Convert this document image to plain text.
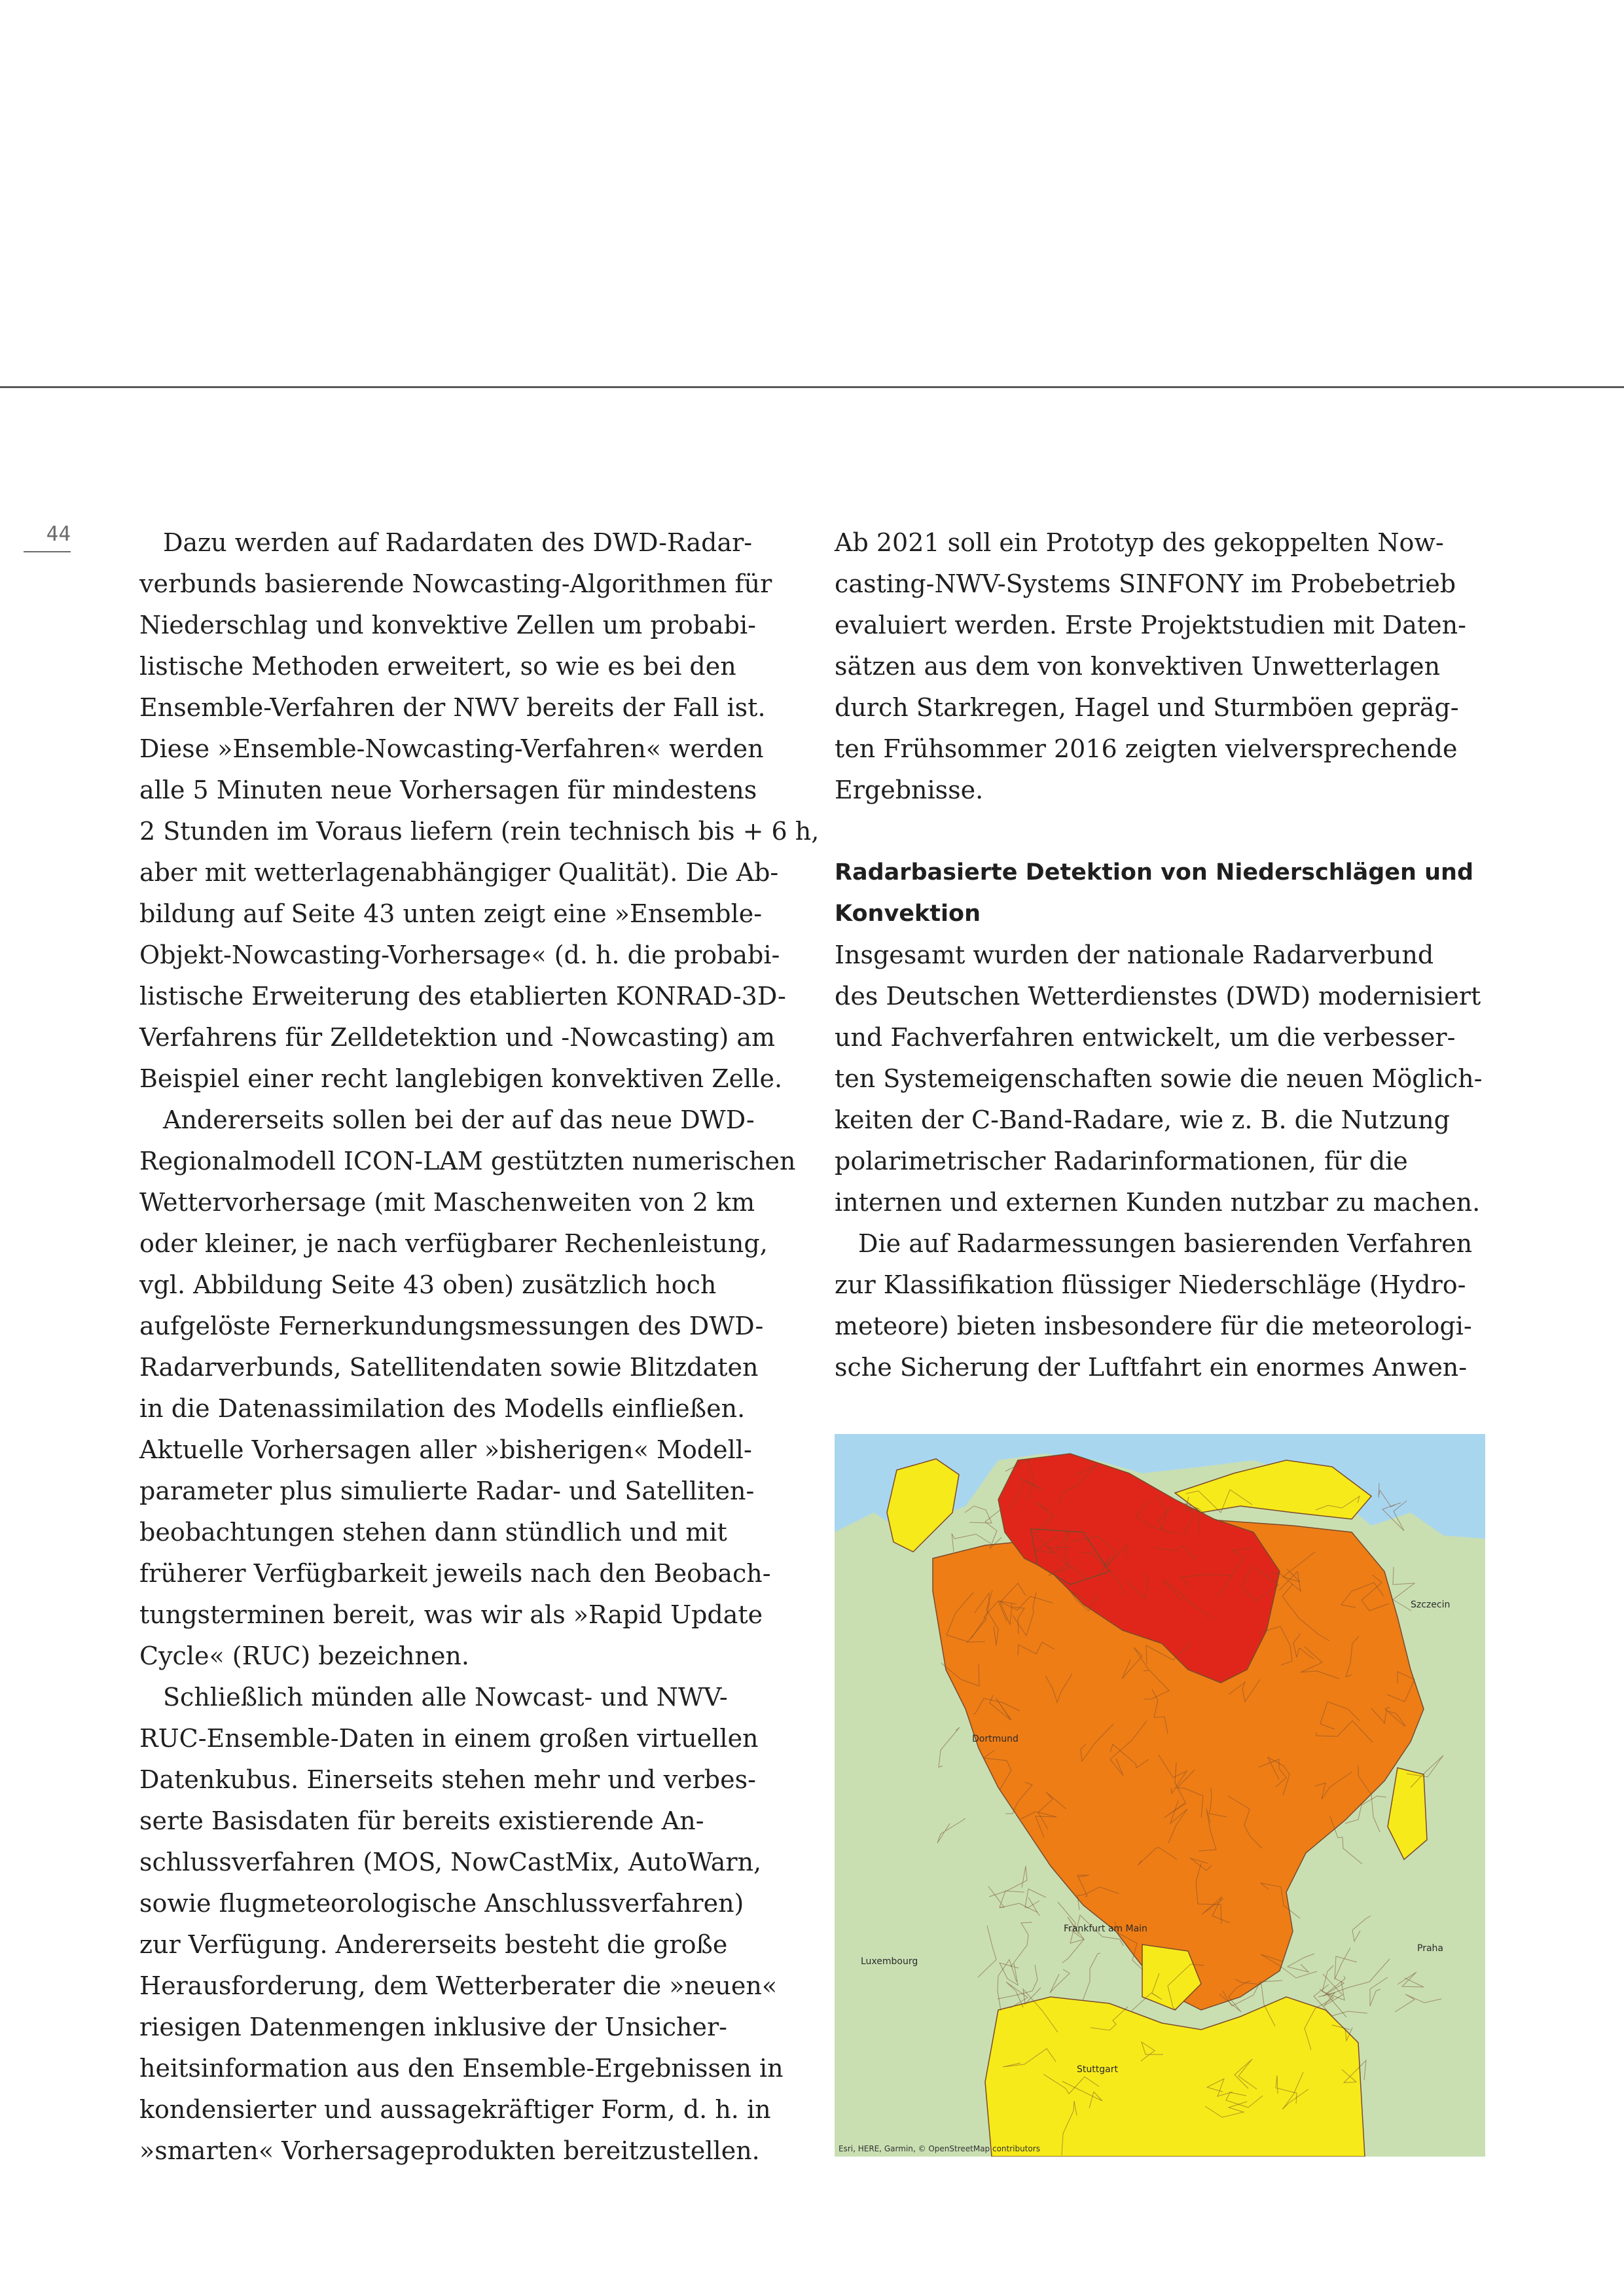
44	Dazu werden auf Radardaten des DWD-Radar-
verbunds basierende Nowcasting-Algorithmen für
Niederschlag und konvektive Zellen um probabi-
listische Methoden erweitert, so wie es bei den
Ensemble-Verfahren der NWV bereits der Fall ist.
Diese »Ensemble-Nowcasting-Verfahren« werden
alle 5 Minuten neue Vorhersagen für mindestens
2 Stunden im Voraus liefern (rein technisch bis + 6 h,
aber mit wetterlagenabhängiger Qualität). Die Ab-
bildung auf Seite 43 unten zeigt eine »Ensemble-
Objekt-Nowcasting-Vorhersage« (d. h. die probabi-
listische Erweiterung des etablierten KONRAD-3D-
Verfahrens für Zelldetektion und -Nowcasting) am
Beispiel einer recht langlebigen konvektiven Zelle.
Andererseits sollen bei der auf das neue DWD-
Regionalmodell ICON-LAM gestützten numerischen
Wettervorhersage (mit Maschenweiten von 2 km
oder kleiner, je nach verfügbarer Rechenleistung,
vgl. Abbildung Seite 43 oben) zusätzlich hoch
aufgelöste Fernerkundungsmessungen des DWD-
Radarverbunds, Satellitendaten sowie Blitzdaten
in die Datenassimilation des Modells einfließen.
Aktuelle Vorhersagen aller »bisherigen« Modell-
parameter plus simulierte Radar- und Satelliten-
beobachtungen stehen dann stündlich und mit
früherer Verfügbarkeit jeweils nach den Beobach-
tungsterminen bereit, was wir als »Rapid Update
Cycle« (RUC) bezeichnen.
Schließlich münden alle Nowcast- und NWV-
RUC-Ensemble-Daten in einem großen virtuellen
Datenkubus. Einerseits stehen mehr und verbes-
serte Basisdaten für bereits existierende An-
schlussverfahren (MOS, NowCastMix, AutoWarn,
sowie flugmeteorologische Anschlussverfahren)
zur Verfügung. Andererseits besteht die große
Herausforderung, dem Wetterberater die »neuen«
riesigen Datenmengen inklusive der Unsicher-
heitsinformation aus den Ensemble-Ergebnissen in
kondensierter und aussagekräftiger Form, d. h. in
»smarten« Vorhersageprodukten bereitzustellen.
Ab 2021 soll ein Prototyp des gekoppelten Now-
casting-NWV-Systems SINFONY im Probebetrieb
evaluiert werden. Erste Projektstudien mit Daten-
sätzen aus dem von konvektiven Unwetterlagen
durch Starkregen, Hagel und Sturmböen gepräg-
ten Frühsommer 2016 zeigten vielversprechende
Ergebnisse.
Radarbasierte Detektion von Niederschlägen und
Konvektion
Insgesamt wurden der nationale Radarverbund
des Deutschen Wetterdienstes (DWD) modernisiert
und Fachverfahren entwickelt, um die verbesser-
ten Systemeigenschaften sowie die neuen Möglich-
keiten der C-Band-Radare, wie z. B. die Nutzung
polarimetrischer Radarinformationen, für die
internen und externen Kunden nutzbar zu machen.
Die auf Radarmessungen basierenden Verfahren
zur Klassifikation flüssiger Niederschläge (Hydro-
meteore) bieten insbesondere für die meteorologi-
sche Sicherung der Luftfahrt ein enormes Anwen-
Szczecin
Dortmund
Frankfurt am Main
Luxembourg
Praha
Stuttgart
Esri, HERE, Garmin, © OpenStreetMap contributors
